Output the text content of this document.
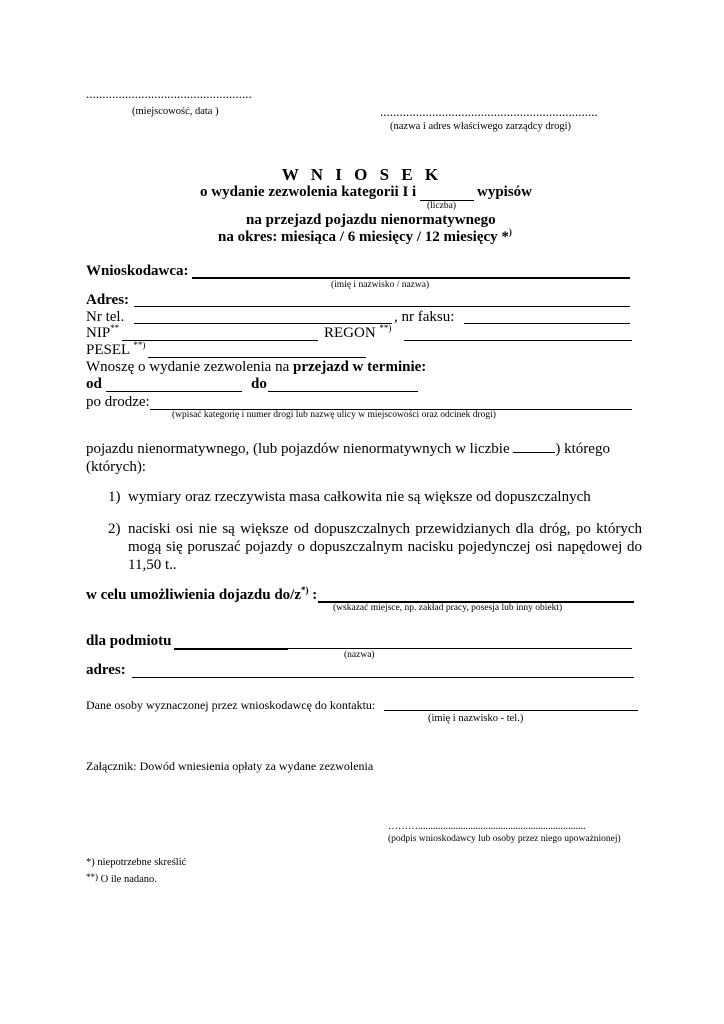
...................................................
(miejscowość, data )	...................................................................
(nazwa i adres właściwego zarządcy drogi)
W N I O S E K
o wydanie zezwolenia kategorii I i	wypisów
(liczba)
na przejazd pojazdu nienormatywnego
na okres: miesiąca / 6 miesięcy / 12 miesięcy *)
Wnioskodawca:
(imię i nazwisko / nazwa)
Adres:
Nr tel.	, nr faksu:
NIP**	REGON **)
PESEL **)
Wnoszę o wydanie zezwolenia na przejazd w terminie:
od	do
po drodze:
(wpisać kategorię i numer drogi lub nazwę ulicy w miejscowości oraz odcinek drogi)
pojazdu nienormatywnego, (lub pojazdów nienormatywnych w liczbie	) którego
(których):
1) wymiary oraz rzeczywista masa całkowita nie są większe od dopuszczalnych
2) naciski osi nie są większe od dopuszczalnych przewidzianych dla dróg, po których
mogą się poruszać pojazdy o dopuszczalnym nacisku pojedynczej osi napędowej do
11,50 t..
w celu umożliwienia dojazdu do/z*) :
(wskazać miejsce, np. zakład pracy, posesja lub inny obiekt)
dla podmiotu
(nazwa)
adres:
Dane osoby wyznaczonej przez wnioskodawcę do kontaktu:
(imię i nazwisko - tel.)
Załącznik: Dowód wniesienia opłaty za wydane zezwolenia
………...................................................................
(podpis wnioskodawcy lub osoby przez niego upoważnionej)
*) niepotrzebne skreślić
**) O ile nadano.
